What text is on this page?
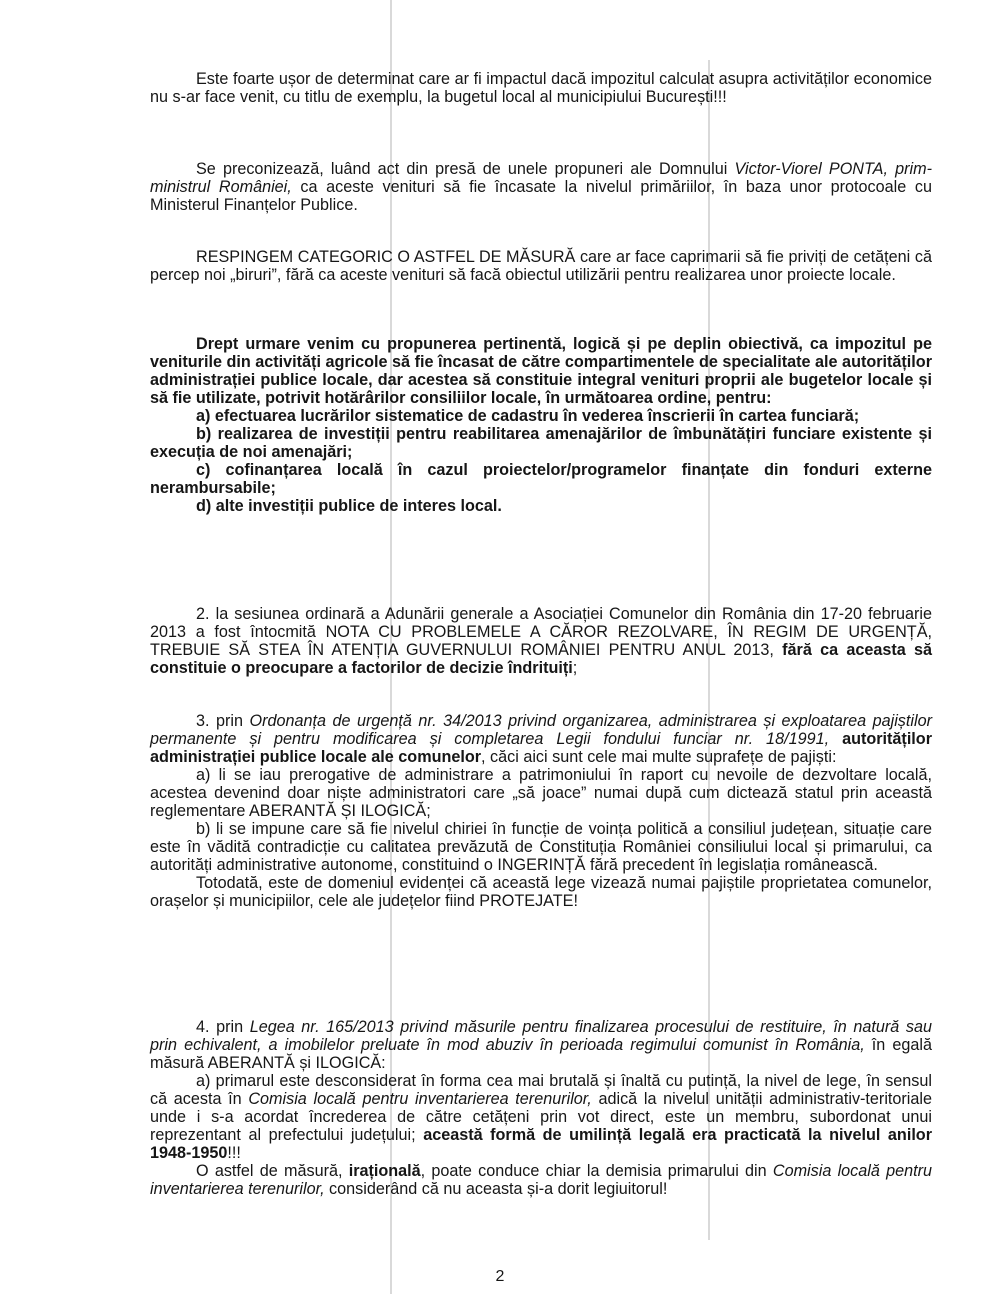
Este foarte ușor de determinat care ar fi impactul dacă impozitul calculat asupra activităților economice nu s-ar face venit, cu titlu de exemplu, la bugetul local al municipiului București!!!

Se preconizează, luând act din presă de unele propuneri ale Domnului Victor-Viorel PONTA, prim-ministrul României, ca aceste venituri să fie încasate la nivelul primăriilor, în baza unor protocoale cu Ministerul Finanțelor Publice.

RESPINGEM CATEGORIC O ASTFEL DE MĂSURĂ care ar face caprimarii să fie priviți de cetățeni că percep noi „biruri”, fără ca aceste venituri să facă obiectul utilizării pentru realizarea unor proiecte locale.

Drept urmare venim cu propunerea pertinentă, logică și pe deplin obiectivă, ca impozitul pe veniturile din activități agricole să fie încasat de către compartimentele de specialitate ale autorităților administrației publice locale, dar acestea să constituie integral venituri proprii ale bugetelor locale și să fie utilizate, potrivit hotărârilor consiliilor locale, în următoarea ordine, pentru:

a) efectuarea lucrărilor sistematice de cadastru în vederea înscrierii în cartea funciară;

b) realizarea de investiții pentru reabilitarea amenajărilor de îmbunătățiri funciare existente și execuția de noi amenajări;

c) cofinanțarea locală în cazul proiectelor/programelor finanțate din fonduri externe nerambursabile;

d) alte investiții publice de interes local.

2. la sesiunea ordinară a Adunării generale a Asociației Comunelor din România din 17-20 februarie 2013 a fost întocmită NOTA CU PROBLEMELE A CĂROR REZOLVARE, ÎN REGIM DE URGENȚĂ, TREBUIE SĂ STEA ÎN ATENȚIA GUVERNULUI ROMÂNIEI PENTRU ANUL 2013, fără ca aceasta să constituie o preocupare a factorilor de decizie îndrituiți;

3. prin Ordonanța de urgență nr. 34/2013 privind organizarea, administrarea și exploatarea pajiștilor permanente și pentru modificarea și completarea Legii fondului funciar nr. 18/1991, autorităților administrației publice locale ale comunelor, căci aici sunt cele mai multe suprafețe de pajiști:

a) li se iau prerogative de administrare a patrimoniului în raport cu nevoile de dezvoltare locală, acestea devenind doar niște administratori care „să joace” numai după cum dictează statul prin această reglementare ABERANTĂ ȘI ILOGICĂ;

b) li se impune care să fie nivelul chiriei în funcție de voința politică a consiliul județean, situație care este în vădită contradicție cu calitatea prevăzută de Constituția României consiliului local și primarului, ca autorități administrative autonome, constituind o INGERINȚĂ fără precedent în legislația românească.

Totodată, este de domeniul evidenței că această lege vizează numai pajiștile proprietatea comunelor, orașelor și municipiilor, cele ale județelor fiind PROTEJATE!

4. prin Legea nr. 165/2013 privind măsurile pentru finalizarea procesului de restituire, în natură sau prin echivalent, a imobilelor preluate în mod abuziv în perioada regimului comunist în România, în egală măsură ABERANTĂ și ILOGICĂ:

a) primarul este desconsiderat în forma cea mai brutală și înaltă cu putință, la nivel de lege, în sensul că acesta în Comisia locală pentru inventarierea terenurilor, adică la nivelul unității administrativ-teritoriale unde i s-a acordat încrederea de către cetățeni prin vot direct, este un membru, subordonat unui reprezentant al prefectului județului; această formă de umilință legală era practicată la nivelul anilor 1948-1950!!!

O astfel de măsură, irațională, poate conduce chiar la demisia primarului din Comisia locală pentru inventarierea terenurilor, considerând că nu aceasta și-a dorit legiuitorul!

2
